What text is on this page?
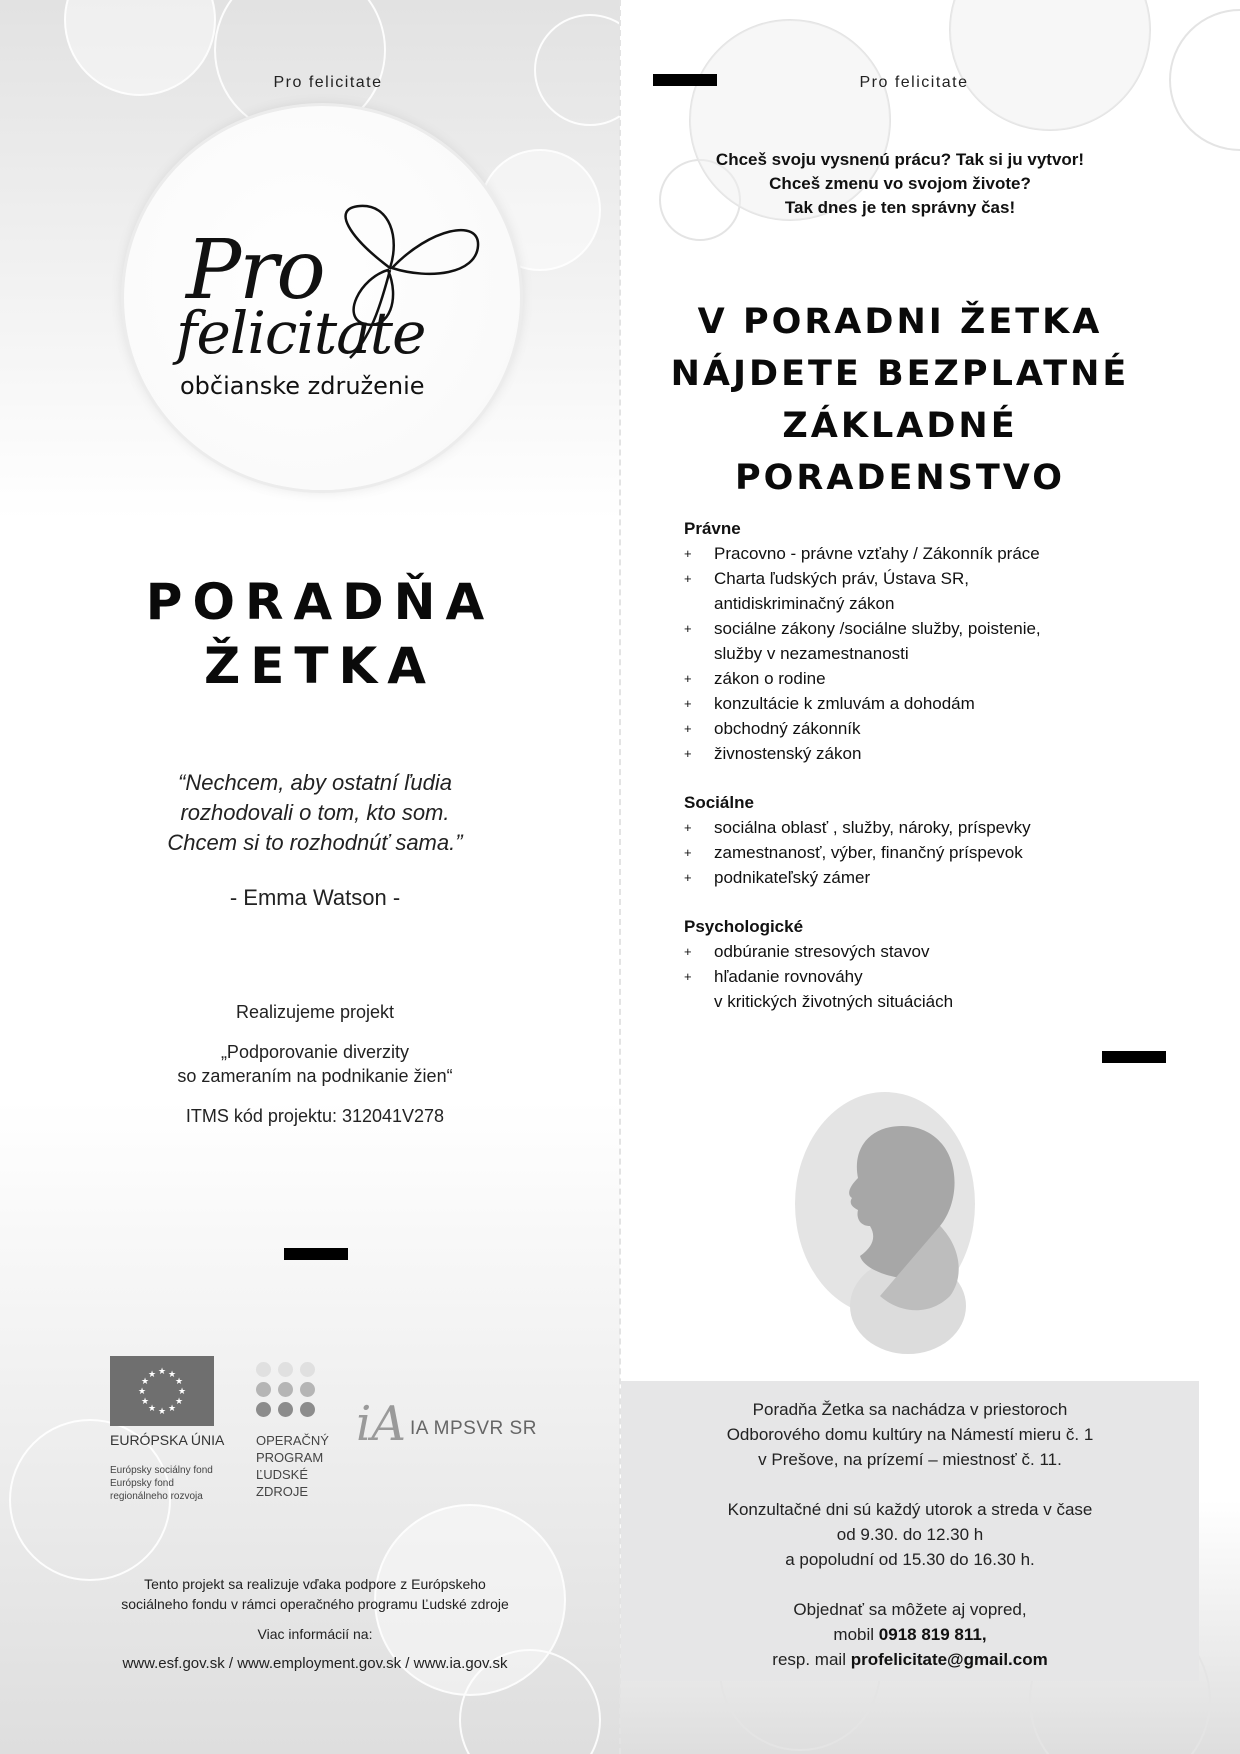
Pro felicitate
Pro
felicitate
občianske združenie
PORADŇA
ŽETKA
“Nechcem, aby ostatní ľudia
rozhodovali o tom, kto som.
Chcem si to rozhodnúť sama.”
- Emma Watson -

Realizujeme projekt

„Podporovanie diverzity
so zameraním na podnikanie žien“

ITMS kód projektu: 312041V278

★ ★
★
★
★
★
★
★
★
★
★
★
EURÓPSKA ÚNIA
Európsky sociálny fond
Európsky fond
regionálneho rozvoja
OPERAČNÝ
PROGRAM
ĽUDSKÉ
ZDROJE
iA IA MPSVR SR

Tento projekt sa realizuje vďaka podpore z Európskeho
sociálneho fondu v rámci operačného programu Ľudské zdroje

Viac informácií na:

www.esf.gov.sk / www.employment.gov.sk / www.ia.gov.sk

Pro felicitate
Chceš svoju vysnenú prácu? Tak si ju vytvor!
Chceš zmenu vo svojom živote?
Tak dnes je ten správny čas!
V PORADNI ŽETKA
NÁJDETE BEZPLATNÉ
ZÁKLADNÉ PORADENSTVO
Právne
+ Pracovno - právne vzťahy / Zákonník práce
+ Charta ľudských práv, Ústava SR,
antidiskriminačný zákon
+ sociálne zákony /sociálne služby, poistenie,
služby v nezamestnanosti
+ zákon o rodine
+ konzultácie k zmluvám a dohodám
+ obchodný zákonník
+ živnostenský zákon
Sociálne
+ sociálna oblasť , služby, nároky, príspevky
+ zamestnanosť, výber, finančný príspevok
+ podnikateľský zámer
Psychologické
+ odbúranie stresových stavov
+ hľadanie rovnováhy
v kritických životných situáciách

Poradňa Žetka sa nachádza v priestoroch
Odborového domu kultúry na Námestí mieru č. 1
v Prešove, na prízemí – miestnosť č. 11.

Konzultačné dni sú každý utorok a streda v čase
od 9.30. do 12.30 h
a popoludní od 15.30 do 16.30 h.

Objednať sa môžete aj vopred,
mobil 0918 819 811,
resp. mail profelicitate@gmail.com
